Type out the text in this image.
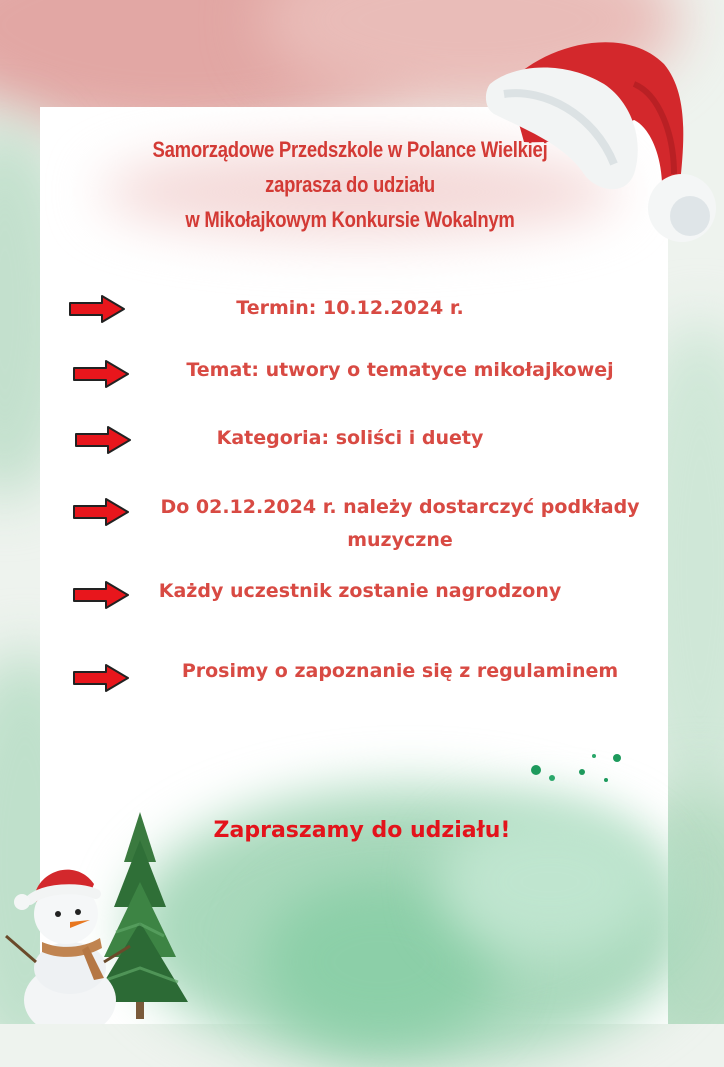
Samorządowe Przedszkole w Polance Wielkiej
zaprasza do udziału
w Mikołajkowym Konkursie Wokalnym
Termin: 10.12.2024 r.
Temat: utwory o tematyce mikołajkowej
Kategoria: soliści i duety
Do 02.12.2024 r. należy dostarczyć podkłady muzyczne
Każdy uczestnik zostanie nagrodzony
Prosimy o zapoznanie się z regulaminem
Zapraszamy do udziału!
